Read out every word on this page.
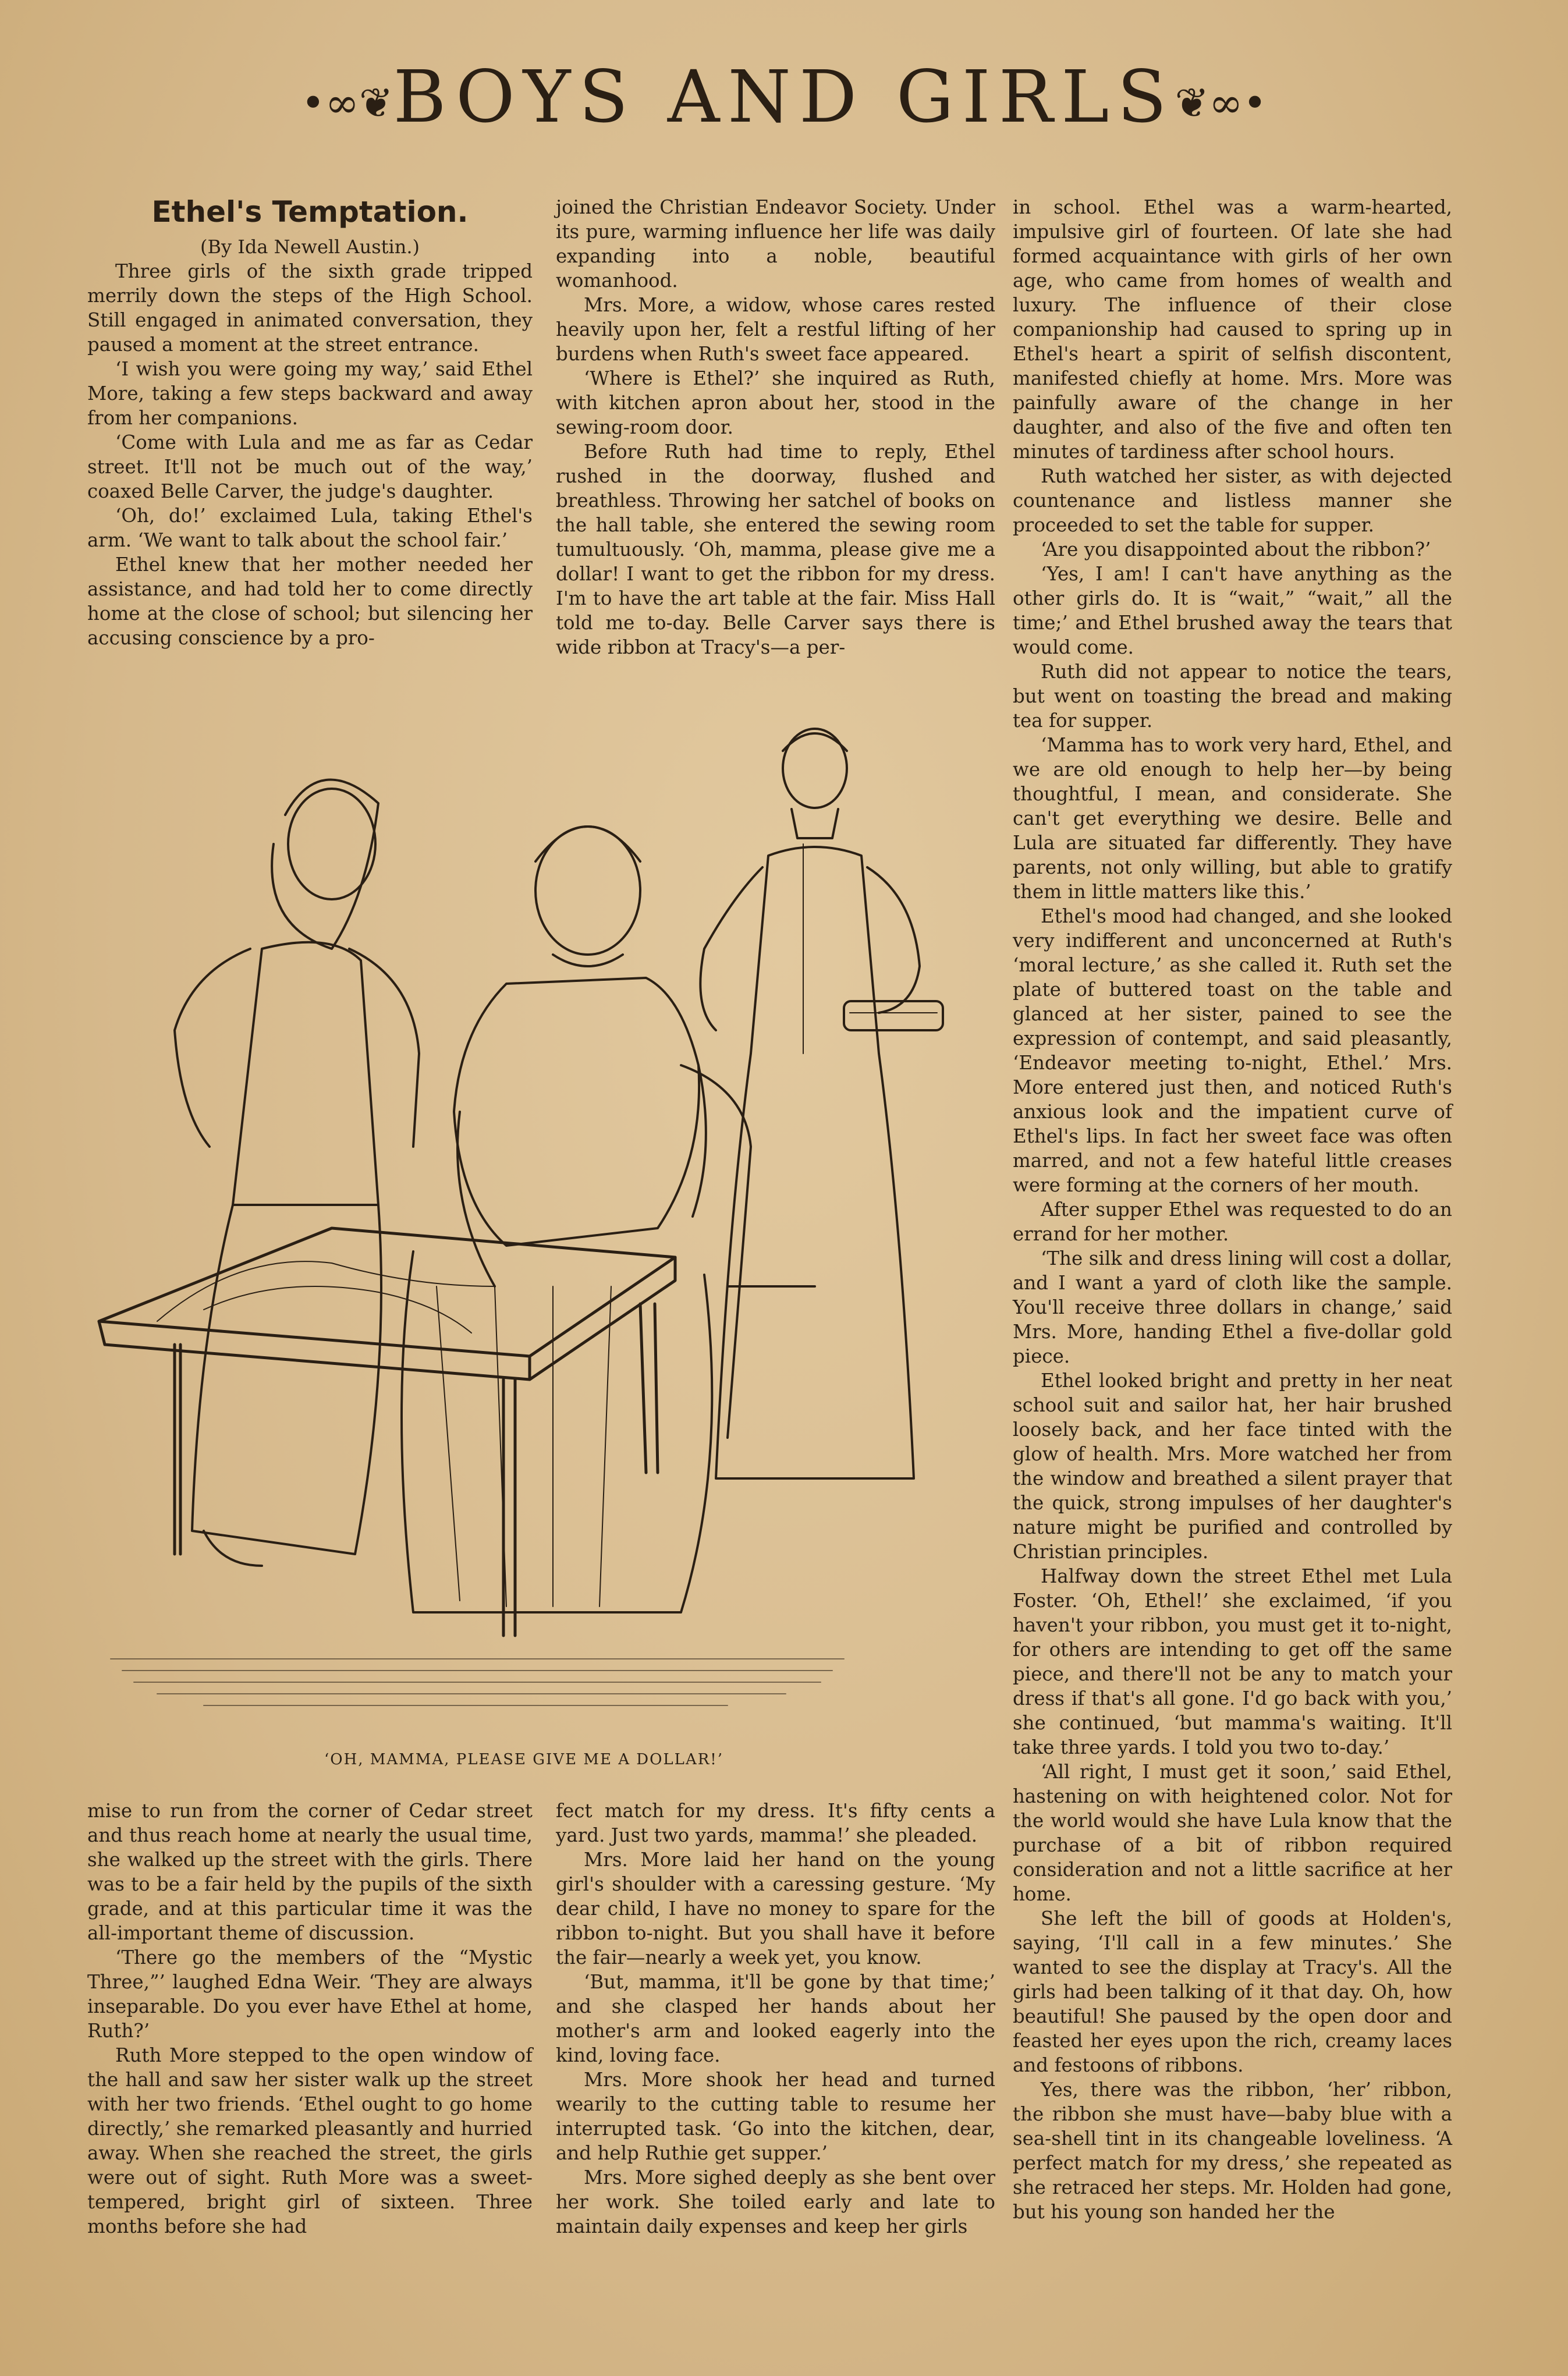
•∞❦BOYS AND GIRLS❦∞•
Ethel's Temptation.

(By Ida Newell Austin.)

Three girls of the sixth grade tripped merrily down the steps of the High School. Still engaged in animated conversation, they paused a moment at the street entrance.

‘I wish you were going my way,’ said Ethel More, taking a few steps backward and away from her companions.

‘Come with Lula and me as far as Cedar street. It'll not be much out of the way,’ coaxed Belle Carver, the judge's daughter.

‘Oh, do!’ exclaimed Lula, taking Ethel's arm. ‘We want to talk about the school fair.’

Ethel knew that her mother needed her assistance, and had told her to come directly home at the close of school; but silencing her accusing conscience by a pro-

joined the Christian Endeavor Society. Under its pure, warming influence her life was daily expanding into a noble, beautiful womanhood.

Mrs. More, a widow, whose cares rested heavily upon her, felt a restful lifting of her burdens when Ruth's sweet face appeared.

‘Where is Ethel?’ she inquired as Ruth, with kitchen apron about her, stood in the sewing-room door.

Before Ruth had time to reply, Ethel rushed in the doorway, flushed and breathless. Throwing her satchel of books on the hall table, she entered the sewing room tumultuously. ‘Oh, mamma, please give me a dollar! I want to get the ribbon for my dress. I'm to have the art table at the fair. Miss Hall told me to-day. Belle Carver says there is wide ribbon at Tracy's—a per-

in school. Ethel was a warm-hearted, impulsive girl of fourteen. Of late she had formed acquaintance with girls of her own age, who came from homes of wealth and luxury. The influence of their close companionship had caused to spring up in Ethel's heart a spirit of selfish discontent, manifested chiefly at home. Mrs. More was painfully aware of the change in her daughter, and also of the five and often ten minutes of tardiness after school hours.

Ruth watched her sister, as with dejected countenance and listless manner she proceeded to set the table for supper.

‘Are you disappointed about the ribbon?’

‘Yes, I am! I can't have anything as the other girls do. It is “wait,” “wait,” all the time;’ and Ethel brushed away the tears that would come.

Ruth did not appear to notice the tears, but went on toasting the bread and making tea for supper.

‘Mamma has to work very hard, Ethel, and we are old enough to help her—by being thoughtful, I mean, and considerate. She can't get everything we desire. Belle and Lula are situated far differently. They have parents, not only willing, but able to gratify them in little matters like this.’

Ethel's mood had changed, and she looked very indifferent and unconcerned at Ruth's ‘moral lecture,’ as she called it. Ruth set the plate of buttered toast on the table and glanced at her sister, pained to see the expression of contempt, and said pleasantly, ‘Endeavor meeting to-night, Ethel.’ Mrs. More entered just then, and noticed Ruth's anxious look and the impatient curve of Ethel's lips. In fact her sweet face was often marred, and not a few hateful little creases were forming at the corners of her mouth.

After supper Ethel was requested to do an errand for her mother.

‘The silk and dress lining will cost a dollar, and I want a yard of cloth like the sample. You'll receive three dollars in change,’ said Mrs. More, handing Ethel a five-dollar gold piece.

Ethel looked bright and pretty in her neat school suit and sailor hat, her hair brushed loosely back, and her face tinted with the glow of health. Mrs. More watched her from the window and breathed a silent prayer that the quick, strong impulses of her daughter's nature might be purified and controlled by Christian principles.

Halfway down the street Ethel met Lula Foster. ‘Oh, Ethel!’ she exclaimed, ‘if you haven't your ribbon, you must get it to-night, for others are intending to get off the same piece, and there'll not be any to match your dress if that's all gone. I'd go back with you,’ she continued, ‘but mamma's waiting. It'll take three yards. I told you two to-day.’

‘All right, I must get it soon,’ said Ethel, hastening on with heightened color. Not for the world would she have Lula know that the purchase of a bit of ribbon required consideration and not a little sacrifice at her home.

She left the bill of goods at Holden's, saying, ‘I'll call in a few minutes.’ She wanted to see the display at Tracy's. All the girls had been talking of it that day. Oh, how beautiful! She paused by the open door and feasted her eyes upon the rich, creamy laces and festoons of ribbons.

Yes, there was the ribbon, ‘her’ ribbon, the ribbon she must have—baby blue with a sea-shell tint in its changeable loveliness. ‘A perfect match for my dress,’ she repeated as she retraced her steps. Mr. Holden had gone, but his young son handed her the

‘OH, MAMMA, PLEASE GIVE ME A DOLLAR!’

mise to run from the corner of Cedar street and thus reach home at nearly the usual time, she walked up the street with the girls. There was to be a fair held by the pupils of the sixth grade, and at this particular time it was the all-important theme of discussion.

‘There go the members of the “Mystic Three,”’ laughed Edna Weir. ‘They are always inseparable. Do you ever have Ethel at home, Ruth?’

Ruth More stepped to the open window of the hall and saw her sister walk up the street with her two friends. ‘Ethel ought to go home directly,’ she remarked pleasantly and hurried away. When she reached the street, the girls were out of sight. Ruth More was a sweet-tempered, bright girl of sixteen. Three months before she had

fect match for my dress. It's fifty cents a yard. Just two yards, mamma!’ she pleaded.

Mrs. More laid her hand on the young girl's shoulder with a caressing gesture. ‘My dear child, I have no money to spare for the ribbon to-night. But you shall have it before the fair—nearly a week yet, you know.

‘But, mamma, it'll be gone by that time;’ and she clasped her hands about her mother's arm and looked eagerly into the kind, loving face.

Mrs. More shook her head and turned wearily to the cutting table to resume her interrupted task. ‘Go into the kitchen, dear, and help Ruthie get supper.’

Mrs. More sighed deeply as she bent over her work. She toiled early and late to maintain daily expenses and keep her girls
